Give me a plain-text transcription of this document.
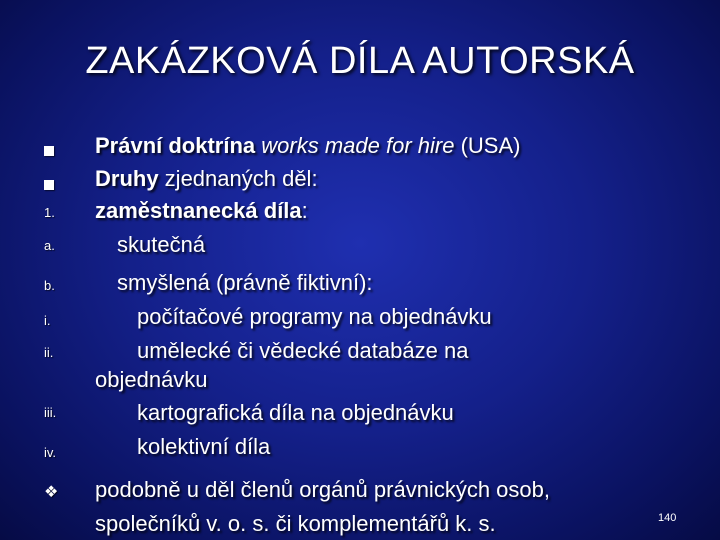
ZAKÁZKOVÁ DÍLA AUTORSKÁ
1.
a.
b.
i.
ii.
iii.
iv.
❖
Právní doktrína works made for hire (USA)
Druhy zjednaných děl:
zaměstnanecká díla:
skutečná
smyšlená (právně fiktivní):
počítačové programy na objednávku
umělecké či vědecké databáze na
objednávku
kartografická díla na objednávku
kolektivní díla
podobně u děl členů orgánů právnických osob,
společníků v. o. s. či komplementářů k. s.	140
